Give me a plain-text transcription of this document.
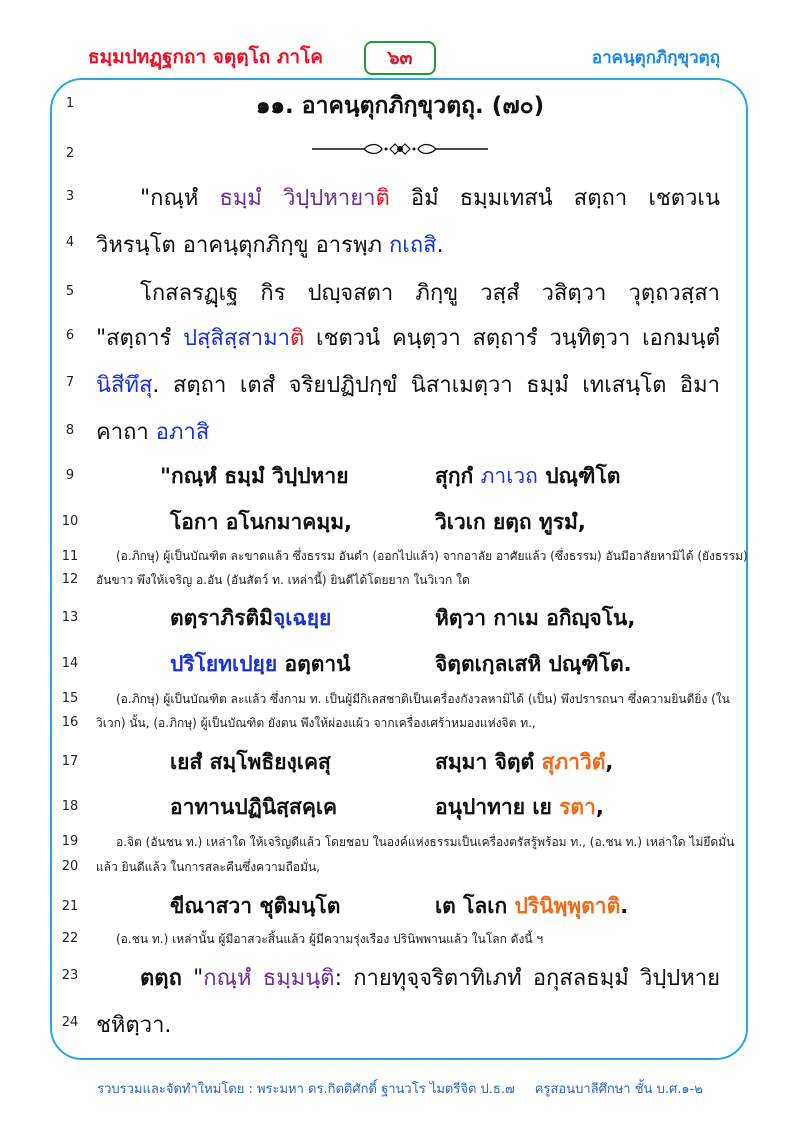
ธมฺมปทฏฺฐกถา จตุตฺโถ ภาโค	๖๓	อาคนฺตุกภิกฺขุวตฺถุ
1
2
3
4
5
6
7
8
9
10
11
12
13
14
15
16
17
18
19
20
21
22
23
24
๑๑. อาคนฺตุกภิกฺขุวตฺถุ. (๗๐)
"กณฺหํ ธมฺมํ วิปฺปหายาติ อิมํ ธมฺมเทสนํ สตฺถา เชตวเน
วิหรนฺโต อาคนฺตุกภิกฺขู อารพฺภ กเถสิ.
โกสลรฏฺเฐ กิร ปญฺจสตา ภิกฺขู วสฺสํ วสิตฺวา วุตฺถวสฺสา
"สตฺถารํ ปสฺสิสฺสามาติ เชตวนํ คนฺตฺวา สตฺถารํ วนฺทิตฺวา เอกมนฺตํ
นิสีทึสุ. สตฺถา เตสํ จริยปฏิปกฺขํ นิสาเมตฺวา ธมฺมํ เทเสนฺโต อิมา
คาถา อภาสิ
"กณฺหํ ธมฺมํ วิปฺปหาย	สุกฺกํ ภาเวถ ปณฺฑิโต
โอกา อโนกมาคมฺม,	วิเวเก ยตฺถ ทูรมํ,
(อ.ภิกษุ) ผู้เป็นบัณฑิต ละขาดแล้ว ซึ่งธรรม อันดำ (ออกไปแล้ว) จากอาลัย อาศัยแล้ว (ซึ่งธรรม) อันมีอาลัยหามิได้ (ยังธรรม)
อันขาว พึงให้เจริญ อ.อัน (อันสัตว์ ท. เหล่านี้) ยินดีได้โดยยาก ในวิเวก ใด
ตตฺราภิรติมิจฺเฉยฺย	หิตฺวา กาเม อกิญฺจโน,
ปริโยทเปยฺย อตฺตานํ	จิตฺตเกฺลเสหิ ปณฺฑิโต.
(อ.ภิกษุ) ผู้เป็นบัณฑิต ละแล้ว ซึ่งกาม ท. เป็นผู้มีกิเลสชาติเป็นเครื่องกังวลหามิได้ (เป็น) พึงปรารถนา ซึ่งความยินดียิ่ง (ใน
วิเวก) นั้น, (อ.ภิกษุ) ผู้เป็นบัณฑิต ยังตน พึงให้ผ่องแผ้ว จากเครื่องเศร้าหมองแห่งจิต ท.,
เยสํ สมฺโพธิยงฺเคสุ	สมฺมา จิตฺตํ สุภาวิตํ,
อาทานปฏินิสฺสคฺเค	อนุปาทาย เย รตา,
อ.จิต (อันชน ท.) เหล่าใด ให้เจริญดีแล้ว โดยชอบ ในองค์แห่งธรรมเป็นเครื่องตรัสรู้พร้อม ท., (อ.ชน ท.) เหล่าใด ไม่ยึดมั่น
แล้ว ยินดีแล้ว ในการสละคืนซึ่งความถือมั่น,
ขีณาสวา ชุติมนฺโต	เต โลเก ปรินิพฺพุตาติ.
(อ.ชน ท.) เหล่านั้น ผู้มีอาสวะสิ้นแล้ว ผู้มีความรุ่งเรือง ปรินิพพานแล้ว ในโลก ดังนี้ ฯ
ตตฺถ "กณฺหํ ธมฺมนฺติ: กายทุจฺจริตาทิเภทํ อกุสลธมฺมํ วิปฺปหาย
ชหิตฺวา.
รวบรวมและจัดทำใหม่โดย : พระมหา ดร.กิตติศักดิ์ ฐานวโร ไมตรีจิต ป.ธ.๗ ครูสอนบาลีศึกษา ชั้น บ.ศ.๑-๒
